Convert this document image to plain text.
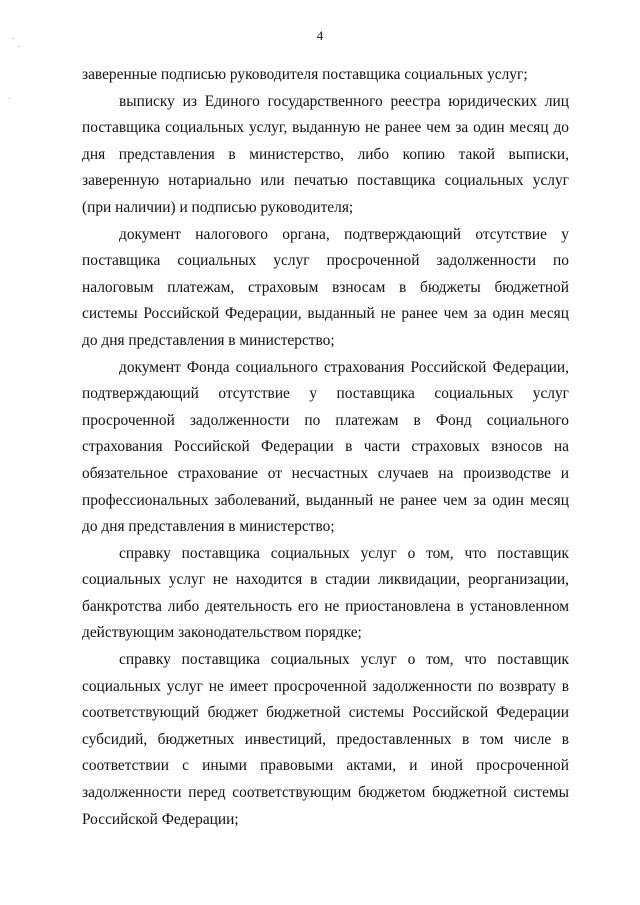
4

заверенные подписью руководителя поставщика социальных услуг;

выписку из Единого государственного реестра юридических лиц поставщика социальных услуг, выданную не ранее чем за один месяц до дня представления в министерство, либо копию такой выписки, заверенную нотариально или печатью поставщика социальных услуг (при наличии) и подписью руководителя;

документ налогового органа, подтверждающий отсутствие у поставщика социальных услуг просроченной задолженности по налоговым платежам, страховым взносам в бюджеты бюджетной системы Российской Федерации, выданный не ранее чем за один месяц до дня представления в министерство;

документ Фонда социального страхования Российской Федерации, подтверждающий отсутствие у поставщика социальных услуг просроченной задолженности по платежам в Фонд социального страхования Российской Федерации в части страховых взносов на обязательное страхование от несчастных случаев на производстве и профессиональных заболеваний, выданный не ранее чем за один месяц до дня представления в министерство;

справку поставщика социальных услуг о том, что поставщик социальных услуг не находится в стадии ликвидации, реорганизации, банкротства либо деятельность его не приостановлена в установленном действующим законодательством порядке;

справку поставщика социальных услуг о том, что поставщик социальных услуг не имеет просроченной задолженности по возврату в соответствующий бюджет бюджетной системы Российской Федерации субсидий, бюджетных инвестиций, предоставленных в том числе в соответствии с иными правовыми актами, и иной просроченной задолженности перед соответствующим бюджетом бюджетной системы Российской Федерации;
